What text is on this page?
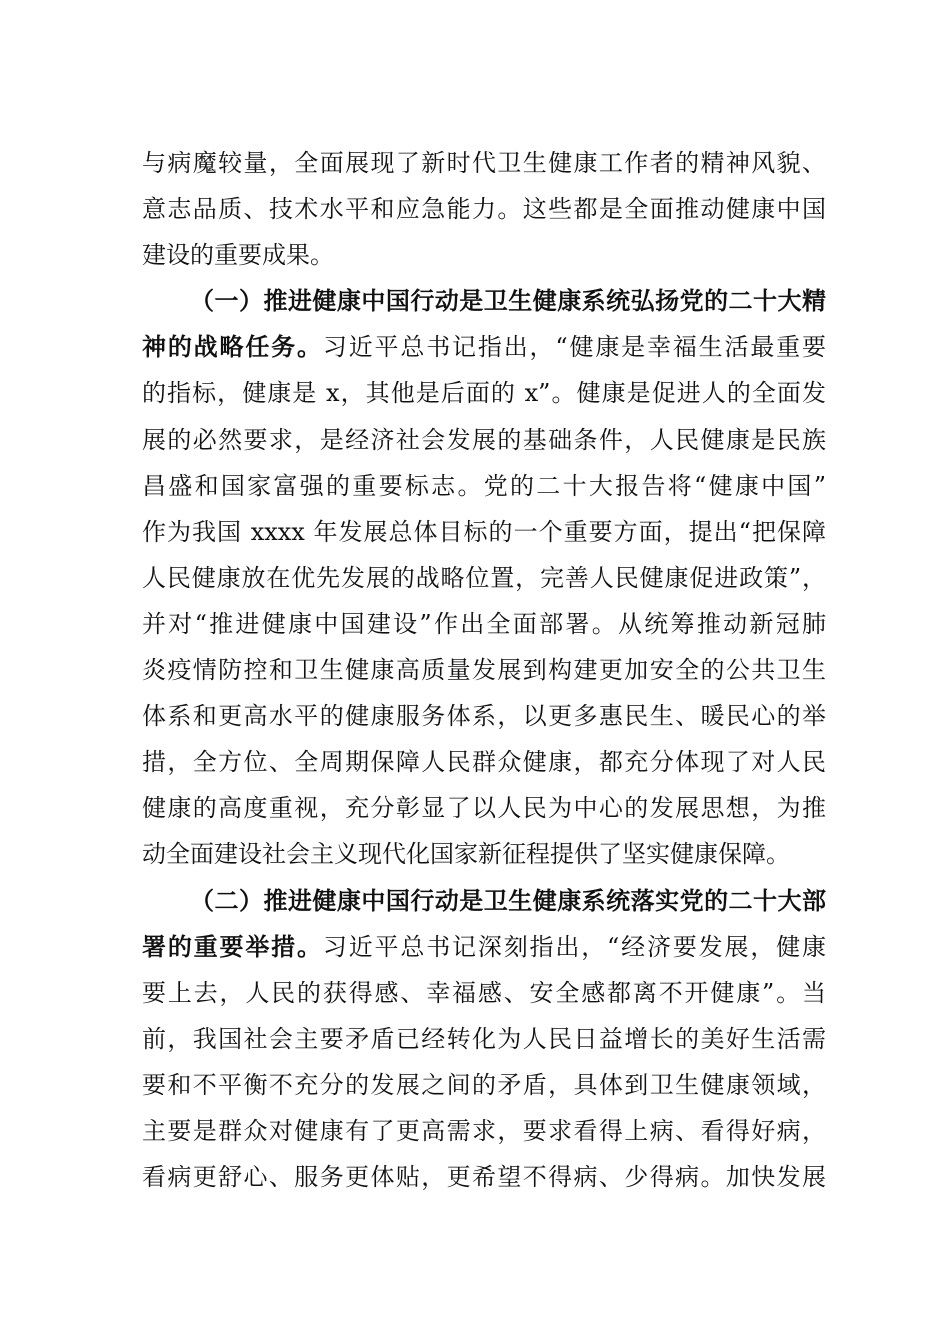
与病魔较量，全面展现了新时代卫生健康工作者的精神风貌、
意志品质、技术水平和应急能力。这些都是全面推动健康中国
建设的重要成果。
（一）推进健康中国行动是卫生健康系统弘扬党的二十大精
神的战略任务。习近平总书记指出，“健康是幸福生活最重要
的指标，健康是 x，其他是后面的 x”。健康是促进人的全面发
展的必然要求，是经济社会发展的基础条件，人民健康是民族
昌盛和国家富强的重要标志。党的二十大报告将“健康中国”
作为我国 xxxx 年发展总体目标的一个重要方面，提出“把保障
人民健康放在优先发展的战略位置，完善人民健康促进政策”，
并对“推进健康中国建设”作出全面部署。从统筹推动新冠肺
炎疫情防控和卫生健康高质量发展到构建更加安全的公共卫生
体系和更高水平的健康服务体系，以更多惠民生、暖民心的举
措，全方位、全周期保障人民群众健康，都充分体现了对人民
健康的高度重视，充分彰显了以人民为中心的发展思想，为推
动全面建设社会主义现代化国家新征程提供了坚实健康保障。
（二）推进健康中国行动是卫生健康系统落实党的二十大部
署的重要举措。习近平总书记深刻指出，“经济要发展，健康
要上去，人民的获得感、幸福感、安全感都离不开健康”。当
前，我国社会主要矛盾已经转化为人民日益增长的美好生活需
要和不平衡不充分的发展之间的矛盾，具体到卫生健康领域，
主要是群众对健康有了更高需求，要求看得上病、看得好病，
看病更舒心、服务更体贴，更希望不得病、少得病。加快发展
